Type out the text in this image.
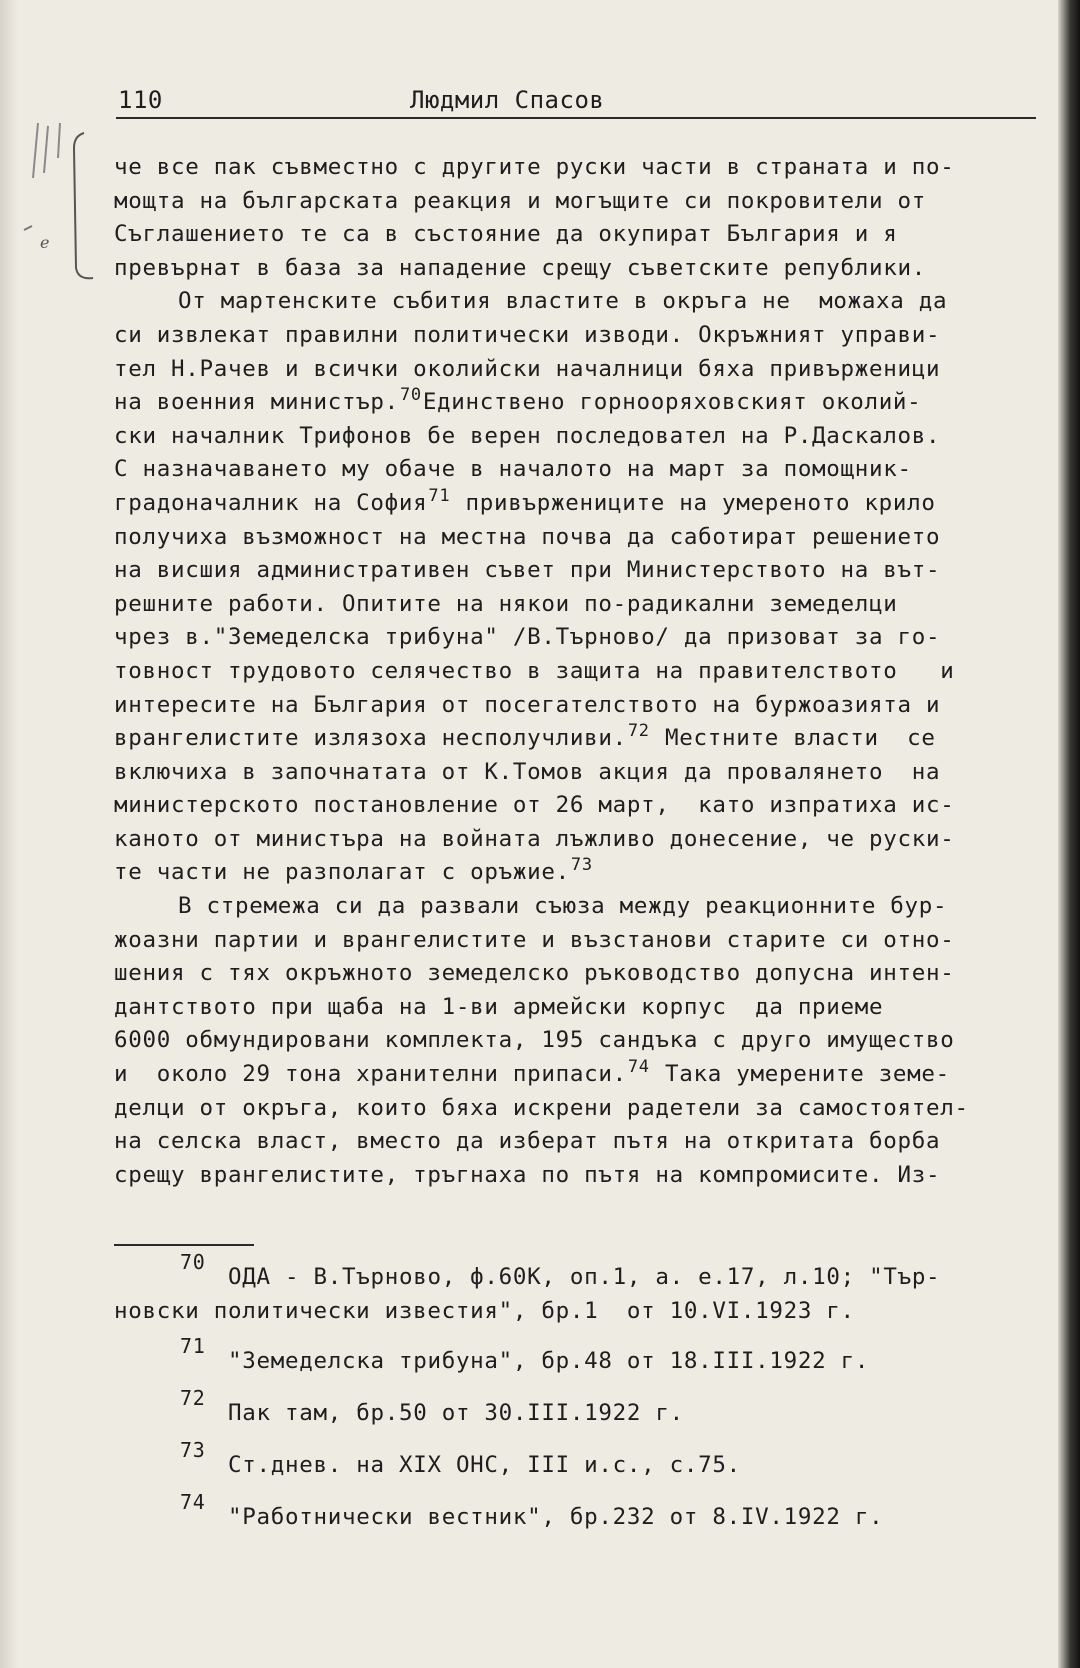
e
110	Людмил Спасов
че все пак съвместно с другите руски части в страната и по-
мощта на българската реакция и могъщите си покровители от
Съглашението те са в състояние да окупират България и я
превърнат в база за нападение срещу съветските републики.
От мартенските събития властите в окръга не  можаха да
си извлекат правилни политически изводи. Окръжният управи-
тел Н.Рачев и всички околийски началници бяха привърженици
на военния министър.$^{70}$Единствено горнооряховският околий-
ски началник Трифонов бе верен последовател на Р.Даскалов.
С назначаването му обаче в началото на март за помощник-
градоначалник на София$^{71}$ привържениците на умереното крило
получиха възможност на местна почва да саботират решението
на висшия административен съвет при Министерството на вът-
решните работи. Опитите на някои по-радикални земеделци
чрез в."Земеделска трибуна" /В.Търново/ да призоват за го-
товност трудовото селячество в защита на правителството   и
интересите на България от посегателството на буржоазията и
врангелистите излязоха несполучливи.$^{72}$ Местните власти  се
включиха в започнатата от К.Томов акция да провалянето  на
министерското постановление от 26 март,  като изпратиха ис-
каното от министъра на войната лъжливо донесение, че руски-
те части не разполагат с оръжие.$^{73}$
В стремежа си да развали съюза между реакционните бур-
жоазни партии и врангелистите и възстанови старите си отно-
шения с тях окръжното земеделско ръководство допусна интен-
дантството при щаба на 1-ви армейски корпус  да приеме
6000 обмундировани комплекта, 195 сандъка с друго имущество
и  около 29 тона хранителни припаси.$^{74}$ Така умерените земе-
делци от окръга, които бяха искрени радетели за самостоятел-
на селска власт, вместо да изберат пътя на откритата борба
срещу врангелистите, тръгнаха по пътя на компромисите. Из-
70
ОДА - В.Търново, ф.60К, оп.1, а. е.17, л.10; "Тър-
новски политически известия", бр.1  от 10.VI.1923 г.
71
"Земеделска трибуна", бр.48 от 18.III.1922 г.
72
Пак там, бр.50 от 30.III.1922 г.
73
Ст.днев. на XIX ОНС, III и.с., с.75.
74
"Работнически вестник", бр.232 от 8.IV.1922 г.
